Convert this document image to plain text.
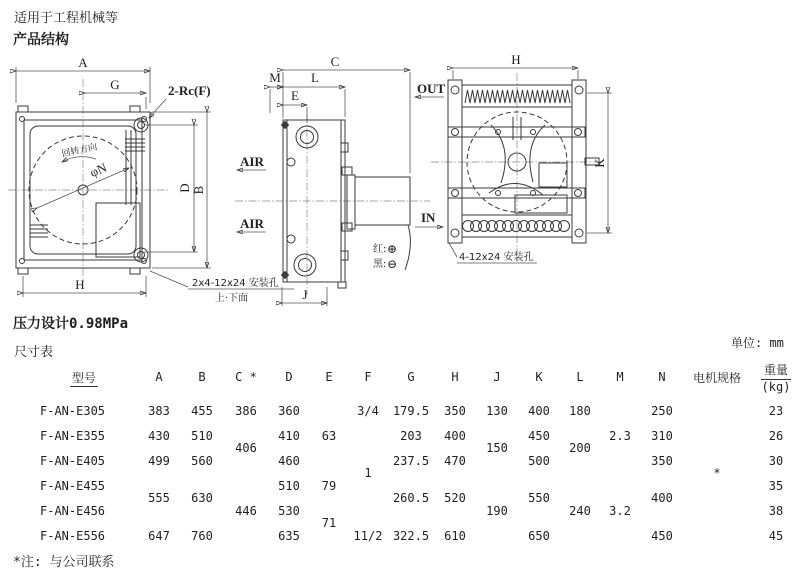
适用于工程机械等
产品结构
回转方向
φN
A
G	2-Rc(F)
D B
H	2x4-12x24 安装孔
上·下面
红: ⊕
黑: ⊖
C
M L
E
AIR
AIR
J
H
K
OUT
IN
4-12x24 安装孔
压力设计0.98MPa
尺寸表
单位: mm
型号	A	B	C *	D	E	F	G	H	J	K	L	M	N	电机规格	重量
(kg)

F-AN-E305	383	455	386	360		3/4	179.5	350	130	400	180		250	*	23
F-AN-E355	430	510	406	410	63	1	203	400	150	450	200	2.3	310		26
F-AN-E405	499	560		460			237.5	470		500			350		30
F-AN-E455	555	630	446	510	79		260.5	520	190	550	240	3.2	400		35
F-AN-E456				530	71										38
F-AN-E556	647	760		635		11/2	322.5	610		650			450		45
*注: 与公司联系
